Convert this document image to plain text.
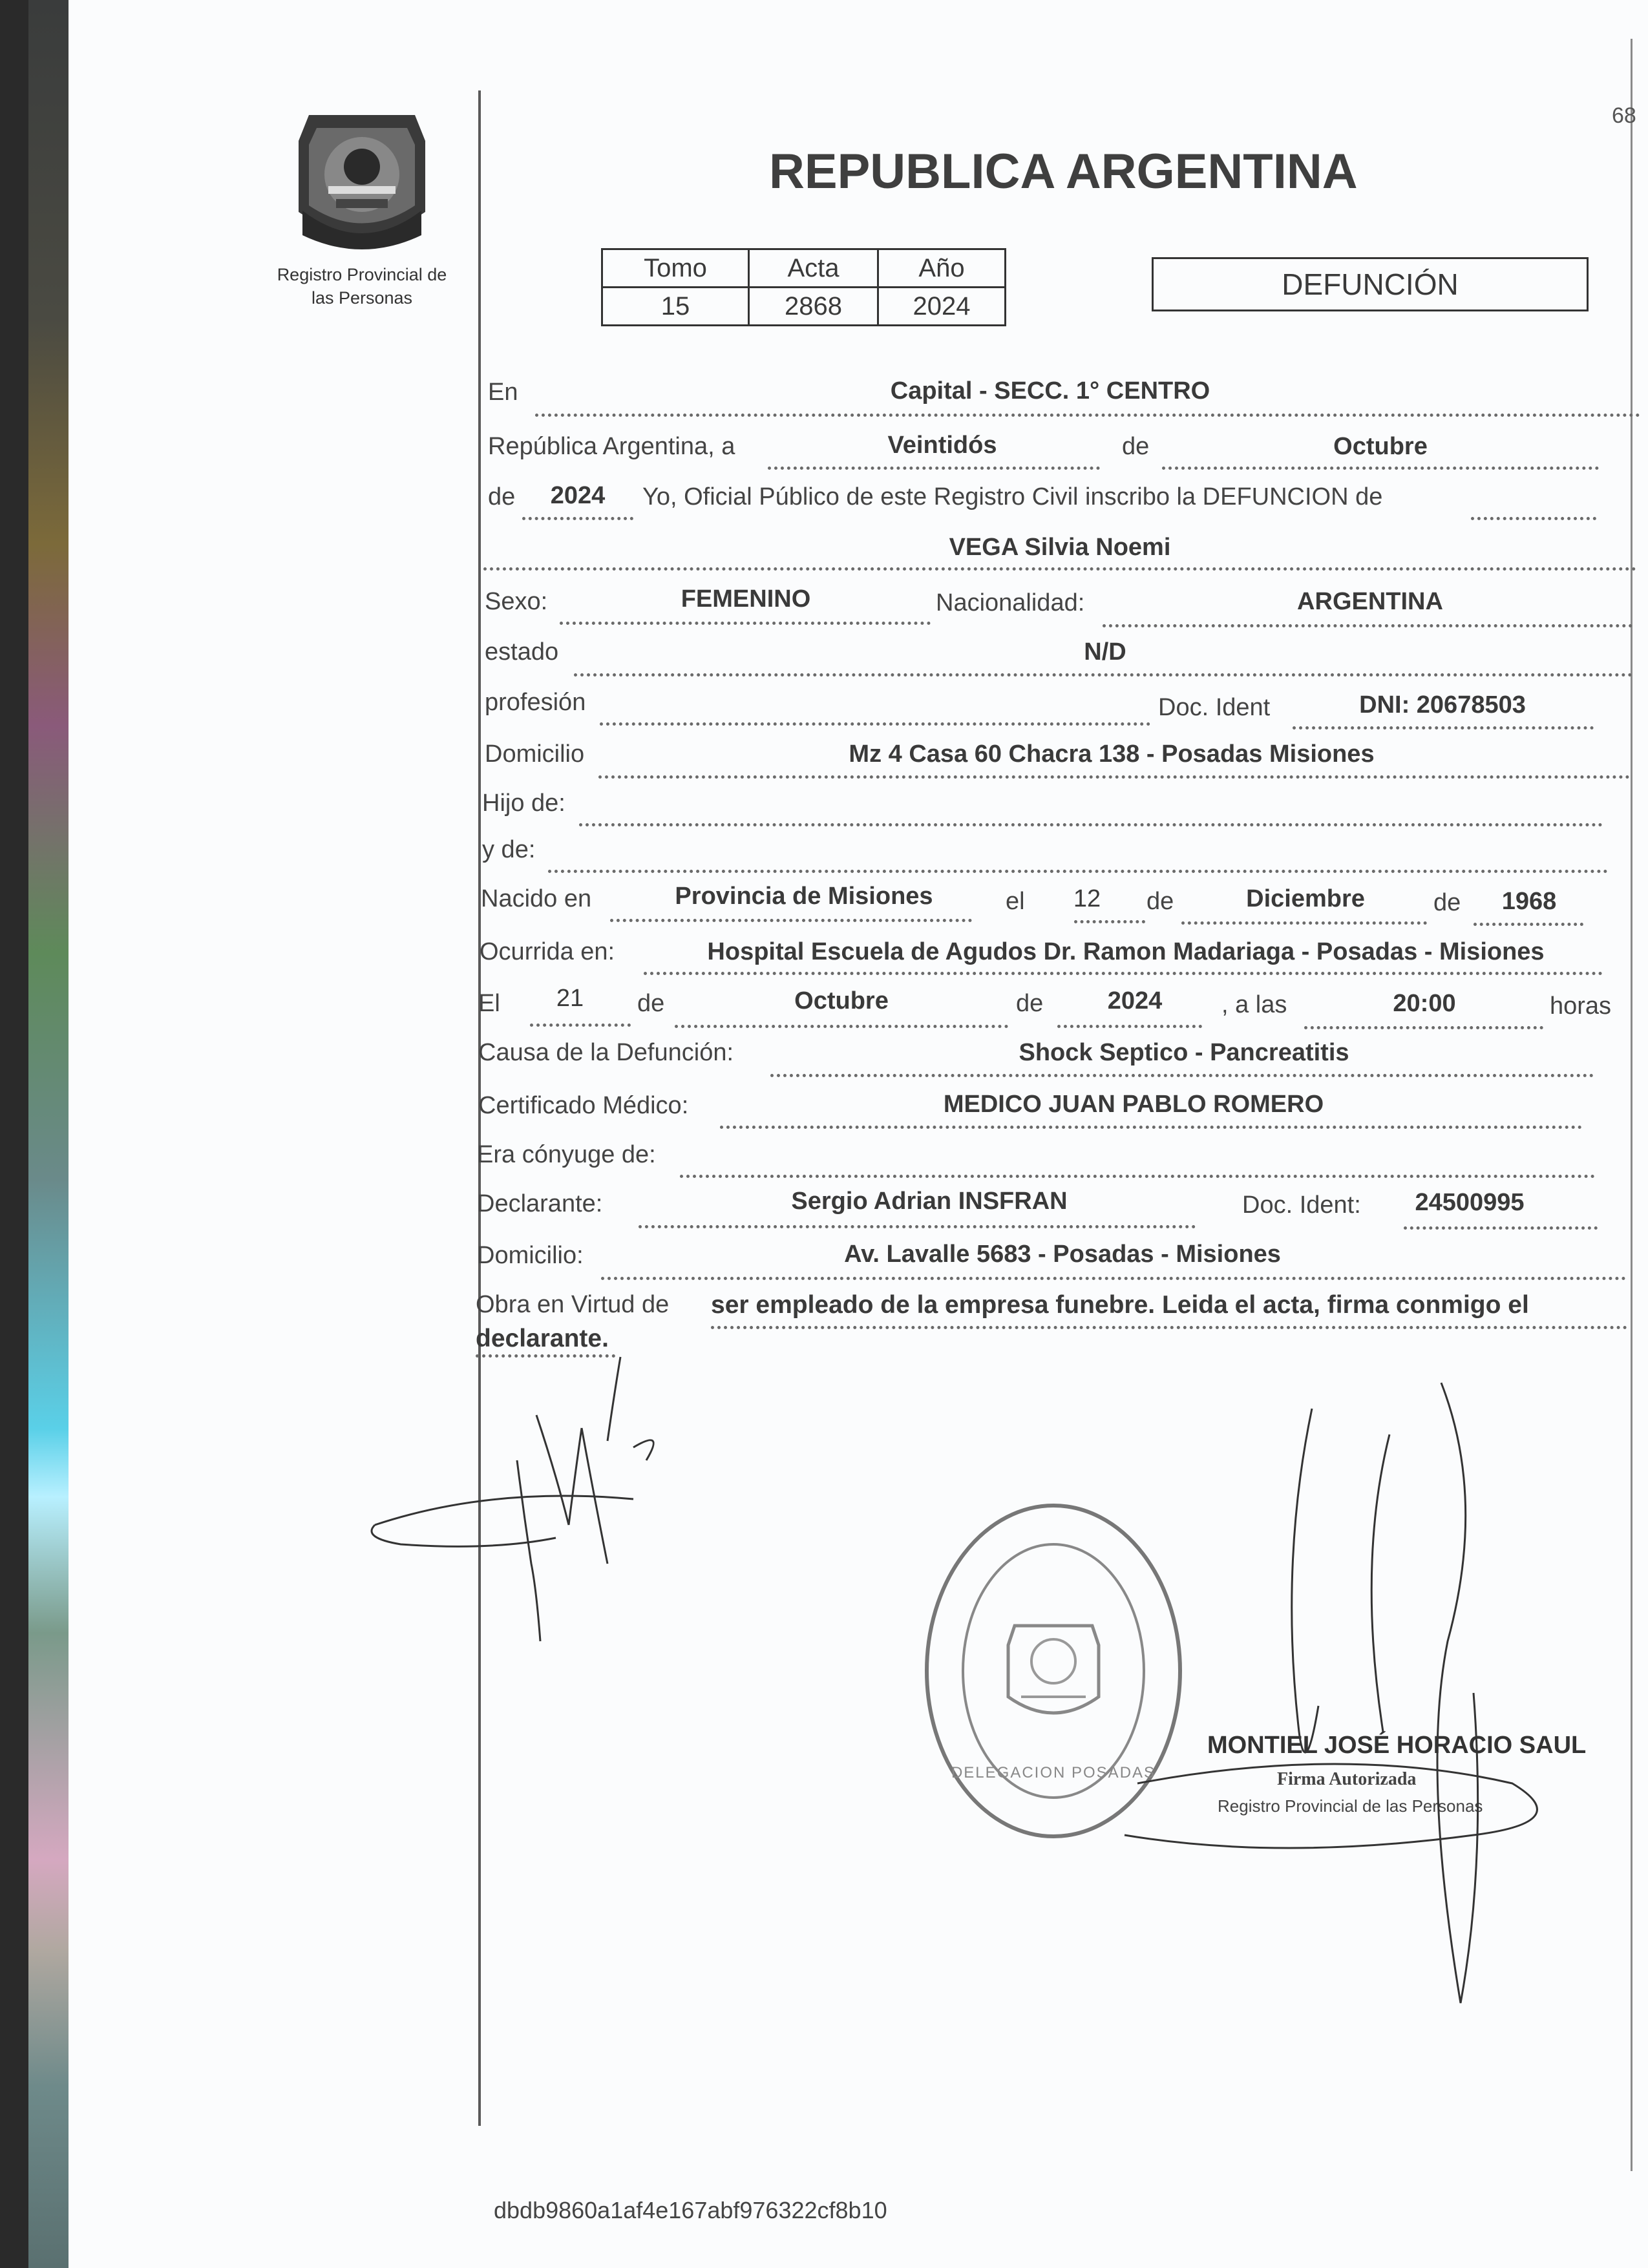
68
Registro Provincial de
las Personas
REPUBLICA ARGENTINA
Tomo	Acta	Año
15	2868	2024
DEFUNCIÓN
En	Capital - SECC. 1° CENTRO
República Argentina, a	Veintidós	de	Octubre
de 2024 Yo, Oficial Público de este Registro Civil inscribo la DEFUNCION de
VEGA Silvia Noemi
Sexo:	FEMENINO	Nacionalidad:	ARGENTINA
estado	N/D
profesión	Doc. Ident	DNI: 20678503
Domicilio	Mz 4 Casa 60 Chacra 138 - Posadas Misiones
Hijo de:
y de:
Nacido en	Provincia de Misiones	el 12 de	Diciembre	de 1968
Ocurrida en:	Hospital Escuela de Agudos Dr. Ramon Madariaga - Posadas - Misiones
El 21 de	Octubre	de	2024 , a las	20:00	horas
Causa de la Defunción:	Shock Septico - Pancreatitis
Certificado Médico:	MEDICO JUAN PABLO ROMERO
Era cónyuge de:
Declarante:	Sergio Adrian INSFRAN	Doc. Ident: 24500995
Domicilio:	Av. Lavalle 5683 - Posadas - Misiones
Obra en Virtud de ser empleado de la empresa funebre. Leida el acta, firma conmigo el
declarante.
DELEGACION POSADAS
MONTIEL JOSÉ HORACIO SAUL
Firma Autorizada
Registro Provincial de las Personas
dbdb9860a1af4e167abf976322cf8b10
